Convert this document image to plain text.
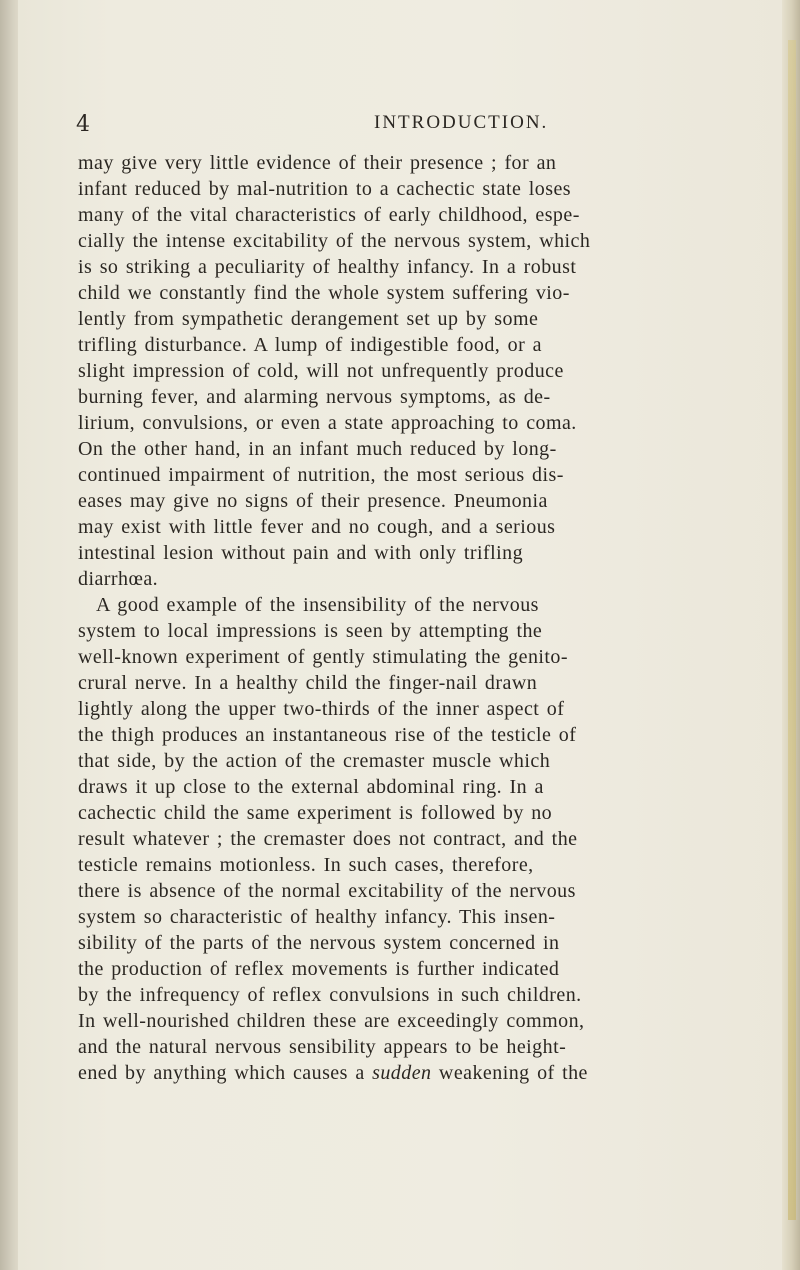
4	INTRODUCTION.
may give very little evidence of their presence ; for an
infant reduced by mal-nutrition to a cachectic state loses
many of the vital characteristics of early childhood, espe-
cially the intense excitability of the nervous system, which
is so striking a peculiarity of healthy infancy. In a robust
child we constantly find the whole system suffering vio-
lently from sympathetic derangement set up by some
trifling disturbance. A lump of indigestible food, or a
slight impression of cold, will not unfrequently produce
burning fever, and alarming nervous symptoms, as de-
lirium, convulsions, or even a state approaching to coma.
On the other hand, in an infant much reduced by long-
continued impairment of nutrition, the most serious dis-
eases may give no signs of their presence. Pneumonia
may exist with little fever and no cough, and a serious
intestinal lesion without pain and with only trifling
diarrhœa.
A good example of the insensibility of the nervous
system to local impressions is seen by attempting the
well-known experiment of gently stimulating the genito-
crural nerve. In a healthy child the finger-nail drawn
lightly along the upper two-thirds of the inner aspect of
the thigh produces an instantaneous rise of the testicle of
that side, by the action of the cremaster muscle which
draws it up close to the external abdominal ring. In a
cachectic child the same experiment is followed by no
result whatever ; the cremaster does not contract, and the
testicle remains motionless. In such cases, therefore,
there is absence of the normal excitability of the nervous
system so characteristic of healthy infancy. This insen-
sibility of the parts of the nervous system concerned in
the production of reflex movements is further indicated
by the infrequency of reflex convulsions in such children.
In well-nourished children these are exceedingly common,
and the natural nervous sensibility appears to be height-
ened by anything which causes a sudden weakening of the
